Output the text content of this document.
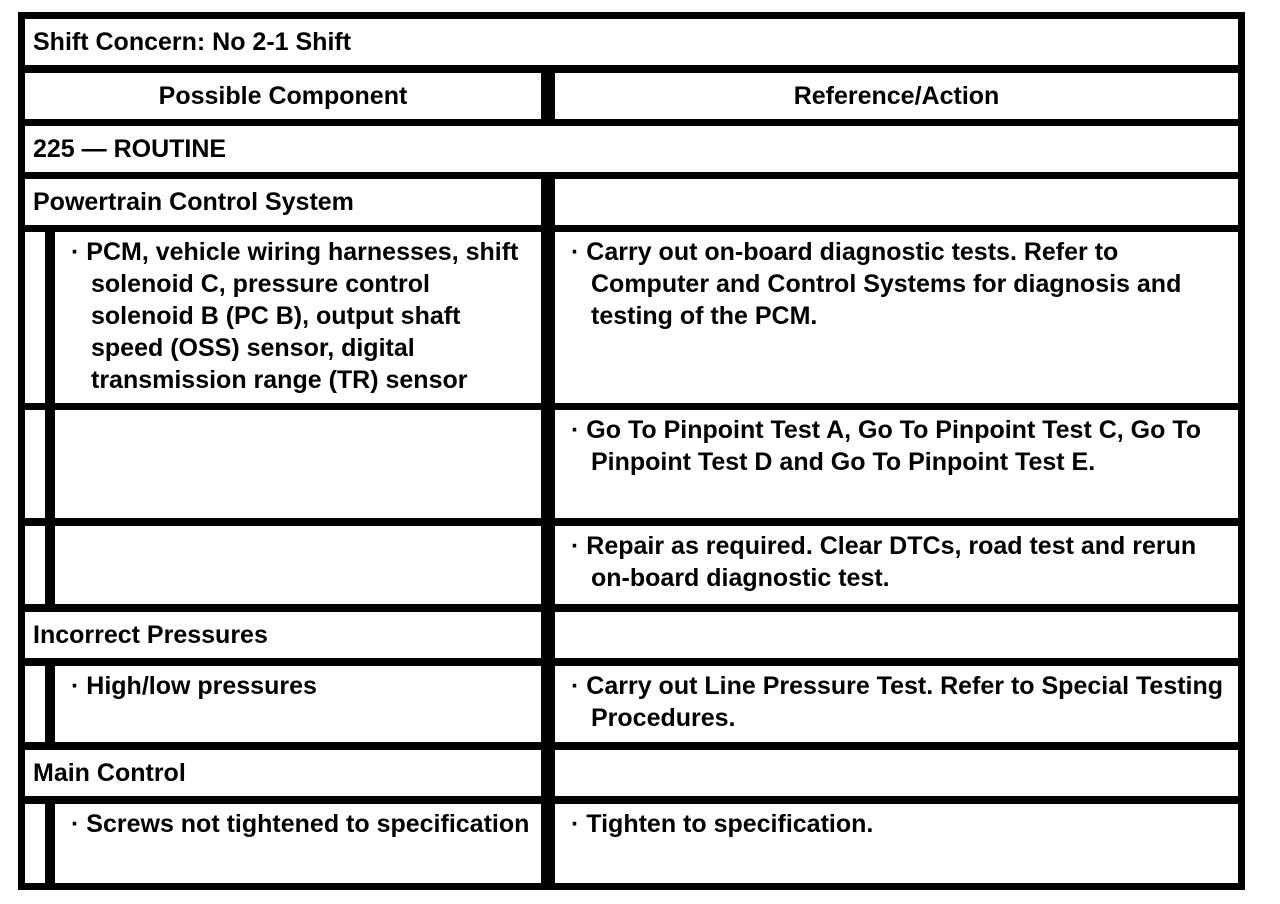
Shift Concern: No 2-1 Shift
Possible Component	Reference/Action
225 — ROUTINE
Powertrain Control System
· PCM, vehicle wiring harnesses, shift solenoid C, pressure control solenoid B (PC B), output shaft speed (OSS) sensor, digital transmission range (TR) sensor
· Carry out on-board diagnostic tests. Refer to Computer and Control Systems for diagnosis and testing of the PCM.
· Go To Pinpoint Test A, Go To Pinpoint Test C, Go To Pinpoint Test D and Go To Pinpoint Test E.
· Repair as required. Clear DTCs, road test and rerun on-board diagnostic test.
Incorrect Pressures
· High/low pressures	· Carry out Line Pressure Test. Refer to Special Testing Procedures.
Main Control
· Screws not tightened to specification · Tighten to specification.
